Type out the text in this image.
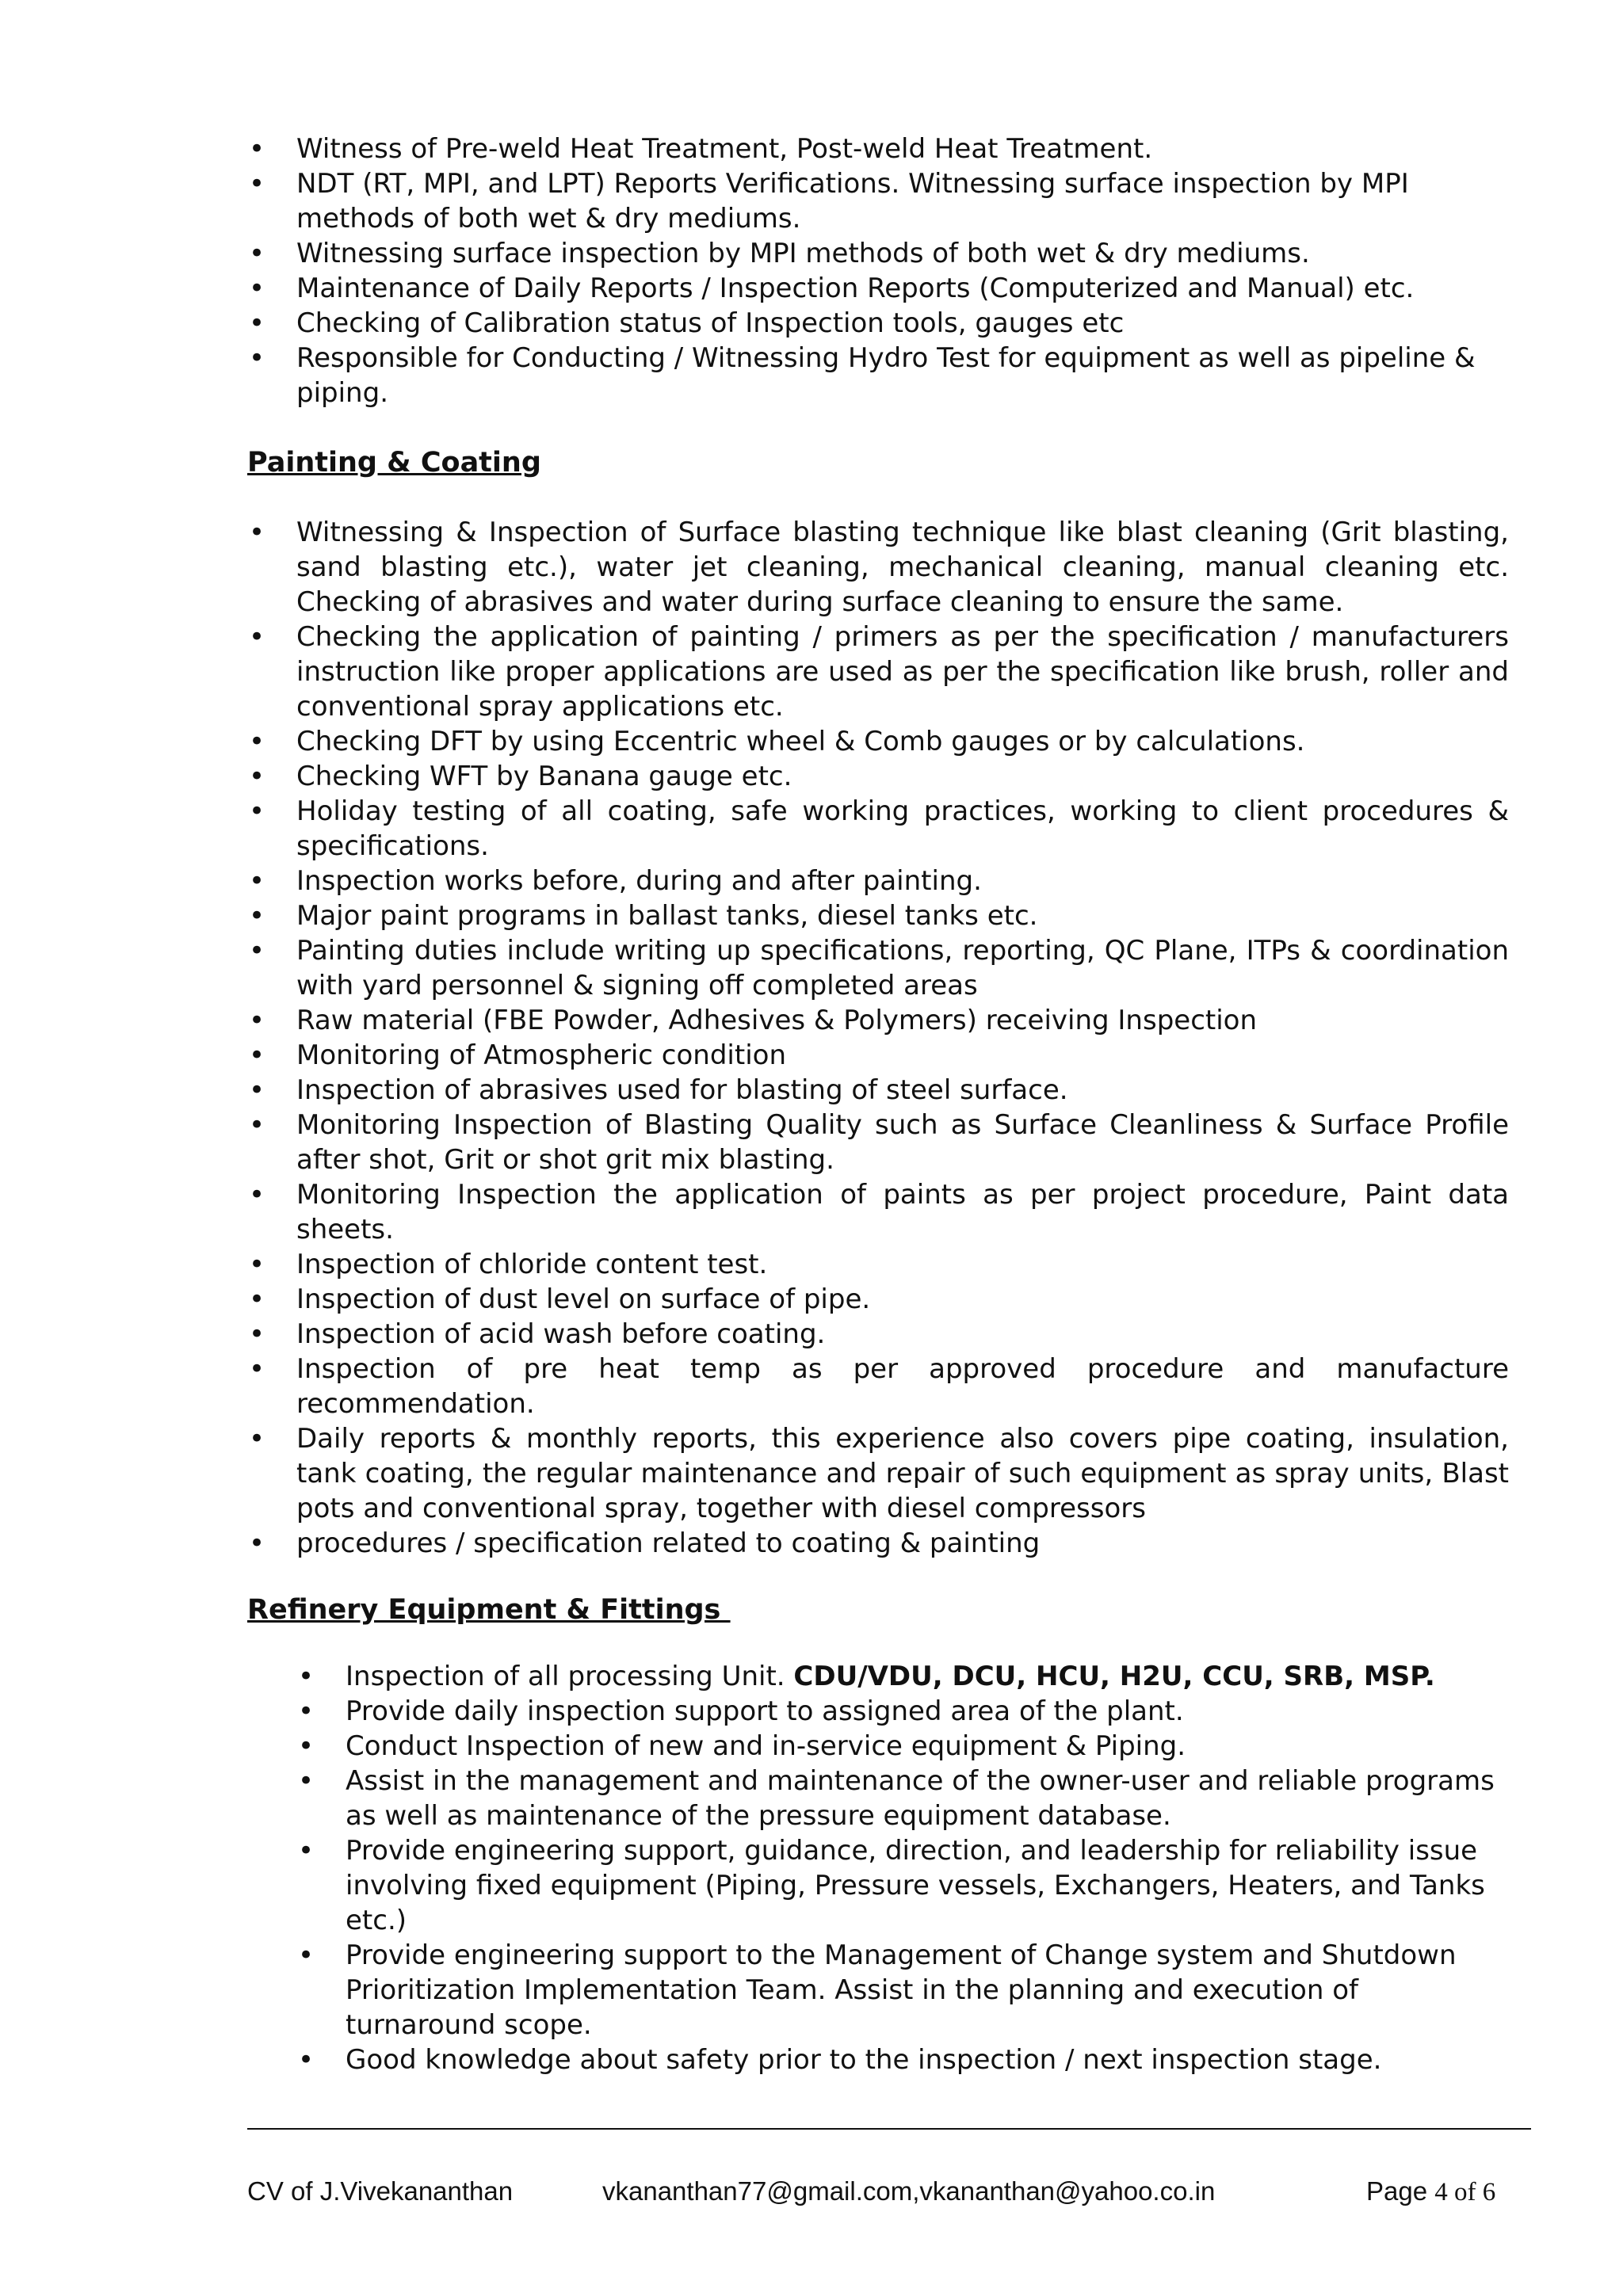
• Witness of Pre-weld Heat Treatment, Post-weld Heat Treatment.
• NDT (RT, MPI, and LPT) Reports Verifications. Witnessing surface inspection by MPI methods of both wet & dry mediums.
• Witnessing surface inspection by MPI methods of both wet & dry mediums.
• Maintenance of Daily Reports / Inspection Reports (Computerized and Manual) etc.
• Checking of Calibration status of Inspection tools, gauges etc
• Responsible for Conducting / Witnessing Hydro Test for equipment as well as pipeline & piping.
Painting & Coating
• Witnessing & Inspection of Surface blasting technique like blast cleaning (Grit blasting, sand blasting etc.), water jet cleaning, mechanical cleaning, manual cleaning etc. Checking of abrasives and water during surface cleaning to ensure the same.
• Checking the application of painting / primers as per the specification / manufacturers instruction like proper applications are used as per the specification like brush, roller and conventional spray applications etc.
• Checking DFT by using Eccentric wheel & Comb gauges or by calculations.
• Checking WFT by Banana gauge etc.
• Holiday testing of all coating, safe working practices, working to client procedures & specifications.
• Inspection works before, during and after painting.
• Major paint programs in ballast tanks, diesel tanks etc.
• Painting duties include writing up specifications, reporting, QC Plane, ITPs & coordination with yard personnel & signing off completed areas
• Raw material (FBE Powder, Adhesives & Polymers) receiving Inspection
• Monitoring of Atmospheric condition
• Inspection of abrasives used for blasting of steel surface.
• Monitoring Inspection of Blasting Quality such as Surface Cleanliness & Surface Profile after shot, Grit or shot grit mix blasting.
• Monitoring Inspection the application of paints as per project procedure, Paint data sheets.
• Inspection of chloride content test.
• Inspection of dust level on surface of pipe.
• Inspection of acid wash before coating.
• Inspection of pre heat temp as per approved procedure and manufacture recommendation.
• Daily reports & monthly reports, this experience also covers pipe coating, insulation, tank coating, the regular maintenance and repair of such equipment as spray units, Blast pots and conventional spray, together with diesel compressors
• procedures / specification related to coating & painting
Refinery Equipment & Fittings
• Inspection of all processing Unit. CDU/VDU, DCU, HCU, H2U, CCU, SRB, MSP.
• Provide daily inspection support to assigned area of the plant.
• Conduct Inspection of new and in-service equipment & Piping.
• Assist in the management and maintenance of the owner-user and reliable programs as well as maintenance of the pressure equipment database.
• Provide engineering support, guidance, direction, and leadership for reliability issue involving fixed equipment (Piping, Pressure vessels, Exchangers, Heaters, and Tanks etc.)
• Provide engineering support to the Management of Change system and Shutdown Prioritization Implementation Team. Assist in the planning and execution of turnaround scope.
• Good knowledge about safety prior to the inspection / next inspection stage.
CV of J.Vivekananthan	vkananthan77@gmail.com,vkananthan@yahoo.co.in	Page 4 of 6
